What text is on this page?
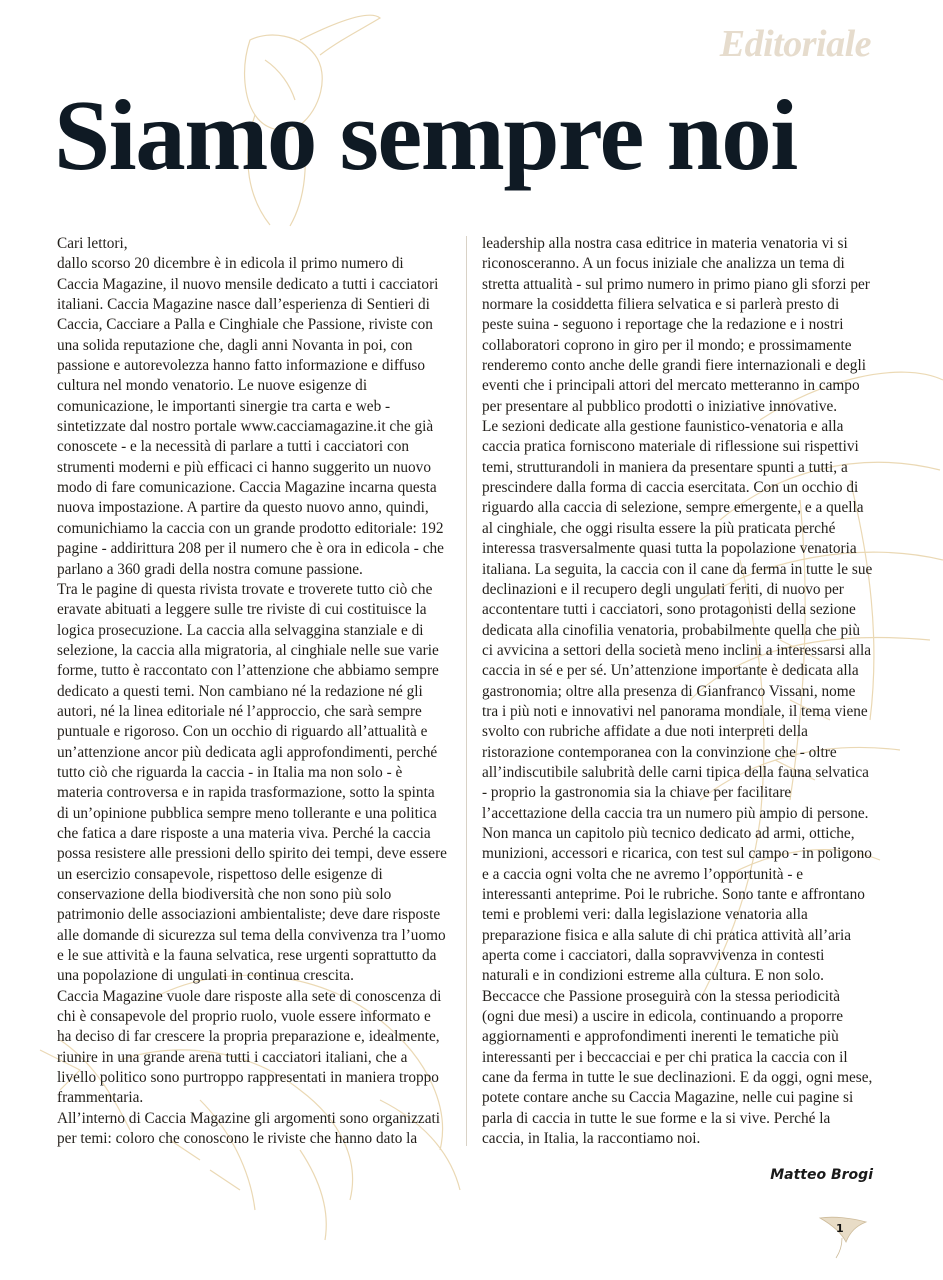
Editoriale
Siamo sempre noi

Cari lettori,

dallo scorso 20 dicembre è in edicola il primo numero di Caccia Magazine, il nuovo mensile dedicato a tutti i cacciatori italiani. Caccia Magazine nasce dall’esperienza di Sentieri di Caccia, Cacciare a Palla e Cinghiale che Passione, riviste con una solida reputazione che, dagli anni Novanta in poi, con passione e autorevolezza hanno fatto informazione e diffuso cultura nel mondo venatorio. Le nuove esigenze di comunicazione, le importanti sinergie tra carta e web - sintetizzate dal nostro portale www.cacciamagazine.it che già conoscete - e la necessità di parlare a tutti i cacciatori con strumenti moderni e più efficaci ci hanno suggerito un nuovo modo di fare comunicazione. Caccia Magazine incarna questa nuova impostazione. A partire da questo nuovo anno, quindi, comunichiamo la caccia con un grande prodotto editoriale: 192 pagine - addirittura 208 per il numero che è ora in edicola - che parlano a 360 gradi della nostra comune passione.

Tra le pagine di questa rivista trovate e troverete tutto ciò che eravate abituati a leggere sulle tre riviste di cui costituisce la logica prosecuzione. La caccia alla selvaggina stanziale e di selezione, la caccia alla migratoria, al cinghiale nelle sue varie forme, tutto è raccontato con l’attenzione che abbiamo sempre dedicato a questi temi. Non cambiano né la redazione né gli autori, né la linea editoriale né l’approccio, che sarà sempre puntuale e rigoroso. Con un occhio di riguardo all’attualità e un’attenzione ancor più dedicata agli approfondimenti, perché tutto ciò che riguarda la caccia - in Italia ma non solo - è materia controversa e in rapida trasformazione, sotto la spinta di un’opinione pubblica sempre meno tollerante e una politica che fatica a dare risposte a una materia viva. Perché la caccia possa resistere alle pressioni dello spirito dei tempi, deve essere un esercizio consapevole, rispettoso delle esigenze di conservazione della biodiversità che non sono più solo patrimonio delle associazioni ambientaliste; deve dare risposte alle domande di sicurezza sul tema della convivenza tra l’uomo e le sue attività e la fauna selvatica, rese urgenti soprattutto da una popolazione di ungulati in continua crescita.

Caccia Magazine vuole dare risposte alla sete di conoscenza di chi è consapevole del proprio ruolo, vuole essere informato e ha deciso di far crescere la propria preparazione e, idealmente, riunire in una grande arena tutti i cacciatori italiani, che a livello politico sono purtroppo rappresentati in maniera troppo frammentaria.

All’interno di Caccia Magazine gli argomenti sono organizzati per temi: coloro che conoscono le riviste che hanno dato la

leadership alla nostra casa editrice in materia venatoria vi si riconosceranno. A un focus iniziale che analizza un tema di stretta attualità - sul primo numero in primo piano gli sforzi per normare la cosiddetta filiera selvatica e si parlerà presto di peste suina - seguono i reportage che la redazione e i nostri collaboratori coprono in giro per il mondo; e prossimamente renderemo conto anche delle grandi fiere internazionali e degli eventi che i principali attori del mercato metteranno in campo per presentare al pubblico prodotti o iniziative innovative.

Le sezioni dedicate alla gestione faunistico-venatoria e alla caccia pratica forniscono materiale di riflessione sui rispettivi temi, strutturandoli in maniera da presentare spunti a tutti, a prescindere dalla forma di caccia esercitata. Con un occhio di riguardo alla caccia di selezione, sempre emergente, e a quella al cinghiale, che oggi risulta essere la più praticata perché interessa trasversalmente quasi tutta la popolazione venatoria italiana. La seguita, la caccia con il cane da ferma in tutte le sue declinazioni e il recupero degli ungulati feriti, di nuovo per accontentare tutti i cacciatori, sono protagonisti della sezione dedicata alla cinofilia venatoria, probabilmente quella che più ci avvicina a settori della società meno inclini a interessarsi alla caccia in sé e per sé. Un’attenzione importante è dedicata alla gastronomia; oltre alla presenza di Gianfranco Vissani, nome tra i più noti e innovativi nel panorama mondiale, il tema viene svolto con rubriche affidate a due noti interpreti della ristorazione contemporanea con la convinzione che - oltre all’indiscutibile salubrità delle carni tipica della fauna selvatica - proprio la gastronomia sia la chiave per facilitare l’accettazione della caccia tra un numero più ampio di persone. Non manca un capitolo più tecnico dedicato ad armi, ottiche, munizioni, accessori e ricarica, con test sul campo - in poligono e a caccia ogni volta che ne avremo l’opportunità - e interessanti anteprime. Poi le rubriche. Sono tante e affrontano temi e problemi veri: dalla legislazione venatoria alla preparazione fisica e alla salute di chi pratica attività all’aria aperta come i cacciatori, dalla sopravvivenza in contesti naturali e in condizioni estreme alla cultura. E non solo.

Beccacce che Passione proseguirà con la stessa periodicità (ogni due mesi) a uscire in edicola, continuando a proporre aggiornamenti e approfondimenti inerenti le tematiche più interessanti per i beccacciai e per chi pratica la caccia con il cane da ferma in tutte le sue declinazioni. E da oggi, ogni mese, potete contare anche su Caccia Magazine, nelle cui pagine si parla di caccia in tutte le sue forme e la si vive. Perché la caccia, in Italia, la raccontiamo noi.

Matteo Brogi
1
